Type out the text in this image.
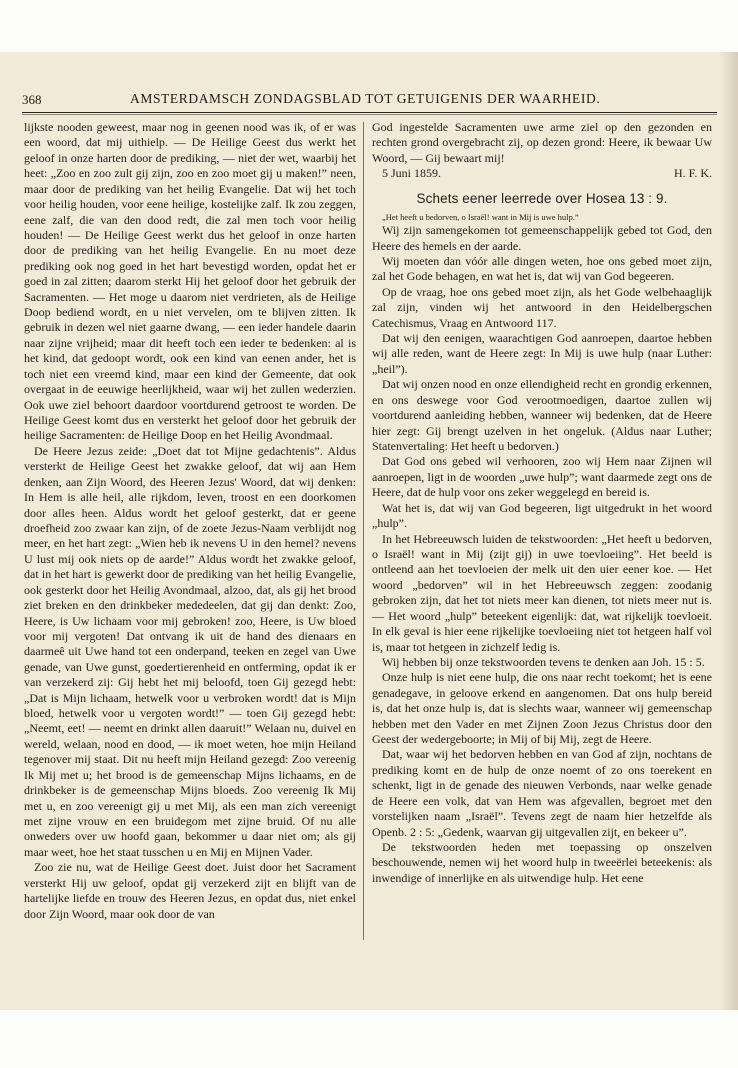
368	AMSTERDAMSCH ZONDAGSBLAD TOT GETUIGENIS DER WAARHEID.

lijkste nooden geweest, maar nog in geenen nood was ik, of er was een woord, dat mij uithielp. — De Heilige Geest dus werkt het geloof in onze harten door de prediking, — niet der wet, waarbij het heet: „Zoo en zoo zult gij zijn, zoo en zoo moet gij u maken!” neen, maar door de prediking van het heilig Evangelie. Dat wij het toch voor heilig houden, voor eene heilige, kostelijke zalf. Ik zou zeggen, eene zalf, die van den dood redt, die zal men toch voor heilig houden! — De Heilige Geest werkt dus het geloof in onze harten door de prediking van het heilig Evangelie. En nu moet deze prediking ook nog goed in het hart bevestigd worden, opdat het er goed in zal zitten; daarom sterkt Hij het geloof door het gebruik der Sacramenten. — Het moge u daarom niet verdrieten, als de Heilige Doop bediend wordt, en u niet vervelen, om te blijven zitten. Ik gebruik in dezen wel niet gaarne dwang, — een ieder handele daarin naar zijne vrijheid; maar dit heeft toch een ieder te bedenken: al is het kind, dat gedoopt wordt, ook een kind van eenen ander, het is toch niet een vreemd kind, maar een kind der Gemeente, dat ook overgaat in de eeuwige heerlijkheid, waar wij het zullen wederzien. Ook uwe ziel behoort daardoor voortdurend getroost te worden. De Heilige Geest komt dus en versterkt het geloof door het gebruik der heilige Sacramenten: de Heilige Doop en het Heilig Avondmaal.

De Heere Jezus zeide: „Doet dat tot Mijne gedachtenis”. Aldus versterkt de Heilige Geest het zwakke geloof, dat wij aan Hem denken, aan Zijn Woord, des Heeren Jezus' Woord, dat wij denken: In Hem is alle heil, alle rijkdom, leven, troost en een doorkomen door alles heen. Aldus wordt het geloof gesterkt, dat er geene droefheid zoo zwaar kan zijn, of de zoete Jezus-Naam verblijdt nog meer, en het hart zegt: „Wien heb ik nevens U in den hemel? nevens U lust mij ook niets op de aarde!” Aldus wordt het zwakke geloof, dat in het hart is gewerkt door de prediking van het heilig Evangelie, ook gesterkt door het Heilig Avondmaal, alzoo, dat, als gij het brood ziet breken en den drinkbeker mededeelen, dat gij dan denkt: Zoo, Heere, is Uw lichaam voor mij gebroken! zoo, Heere, is Uw bloed voor mij vergoten! Dat ontvang ik uit de hand des dienaars en daarmeê uit Uwe hand tot een onderpand, teeken en zegel van Uwe genade, van Uwe gunst, goedertierenheid en ontferming, opdat ik er van verzekerd zij: Gij hebt het mij beloofd, toen Gij gezegd hebt: „Dat is Mijn lichaam, hetwelk voor u verbroken wordt! dat is Mijn bloed, hetwelk voor u vergoten wordt!” — toen Gij gezegd hebt: „Neemt, eet! — neemt en drinkt allen daaruit!” Welaan nu, duivel en wereld, welaan, nood en dood, — ik moet weten, hoe mijn Heiland tegenover mij staat. Dit nu heeft mijn Heiland gezegd: Zoo vereenig Ik Mij met u; het brood is de gemeenschap Mijns lichaams, en de drinkbeker is de gemeenschap Mijns bloeds. Zoo vereenig Ik Mij met u, en zoo vereenigt gij u met Mij, als een man zich vereenigt met zijne vrouw en een bruidegom met zijne bruid. Of nu alle onweders over uw hoofd gaan, bekommer u daar niet om; als gij maar weet, hoe het staat tusschen u en Mij en Mijnen Vader.

Zoo zie nu, wat de Heilige Geest doet. Juist door het Sacrament versterkt Hij uw geloof, opdat gij verzekerd zijt en blijft van de hartelijke liefde en trouw des Heeren Jezus, en opdat dus, niet enkel door Zijn Woord, maar ook door de van

God ingestelde Sacramenten uwe arme ziel op den gezonden en rechten grond overgebracht zij, op dezen grond: Heere, ik bewaar Uw Woord, — Gij bewaart mij!

5 Juni 1859.	H. F. K.
Schets eener leerrede over Hosea 13 : 9.

„Het heeft u bedorven, o Israël! want in Mij is uwe hulp.”

Wij zijn samengekomen tot gemeenschappelijk gebed tot God, den Heere des hemels en der aarde.

Wij moeten dan vóór alle dingen weten, hoe ons gebed moet zijn, zal het Gode behagen, en wat het is, dat wij van God begeeren.

Op de vraag, hoe ons gebed moet zijn, als het Gode welbehaaglijk zal zijn, vinden wij het antwoord in den Heidelbergschen Catechismus, Vraag en Antwoord 117.

Dat wij den eenigen, waarachtigen God aanroepen, daartoe hebben wij alle reden, want de Heere zegt: In Mij is uwe hulp (naar Luther: „heil”).

Dat wij onzen nood en onze ellendigheid recht en grondig erkennen, en ons deswege voor God verootmoedigen, daartoe zullen wij voortdurend aanleiding hebben, wanneer wij bedenken, dat de Heere hier zegt: Gij brengt uzelven in het ongeluk. (Aldus naar Luther; Statenvertaling: Het heeft u bedorven.)

Dat God ons gebed wil verhooren, zoo wij Hem naar Zijnen wil aanroepen, ligt in de woorden „uwe hulp”; want daarmede zegt ons de Heere, dat de hulp voor ons zeker weggelegd en bereid is.

Wat het is, dat wij van God begeeren, ligt uitgedrukt in het woord „hulp”.

In het Hebreeuwsch luiden de tekstwoorden: „Het heeft u bedorven, o Israël! want in Mij (zijt gij) in uwe toevloeiing”. Het beeld is ontleend aan het toevloeien der melk uit den uier eener koe. — Het woord „bedorven” wil in het Hebreeuwsch zeggen: zoodanig gebroken zijn, dat het tot niets meer kan dienen, tot niets meer nut is. — Het woord „hulp” beteekent eigenlijk: dat, wat rijkelijk toevloeit. In elk geval is hier eene rijkelijke toevloeiing niet tot hetgeen half vol is, maar tot hetgeen in zichzelf ledig is.

Wij hebben bij onze tekstwoorden tevens te denken aan Joh. 15 : 5.

Onze hulp is niet eene hulp, die ons naar recht toekomt; het is eene genadegave, in geloove erkend en aangenomen. Dat ons hulp bereid is, dat het onze hulp is, dat is slechts waar, wanneer wij gemeenschap hebben met den Vader en met Zijnen Zoon Jezus Christus door den Geest der wedergeboorte; in Mij of bij Mij, zegt de Heere.

Dat, waar wij het bedorven hebben en van God af zijn, nochtans de prediking komt en de hulp de onze noemt of zo ons toerekent en schenkt, ligt in de genade des nieuwen Verbonds, naar welke genade de Heere een volk, dat van Hem was afgevallen, begroet met den vorstelijken naam „Israël”. Tevens zegt de naam hier hetzelfde als Openb. 2 : 5: „Gedenk, waarvan gij uitgevallen zijt, en bekeer u”.

De tekstwoorden heden met toepassing op onszelven beschouwende, nemen wij het woord hulp in tweeërlei beteekenis: als inwendige of innerlijke en als uitwendige hulp. Het eene
